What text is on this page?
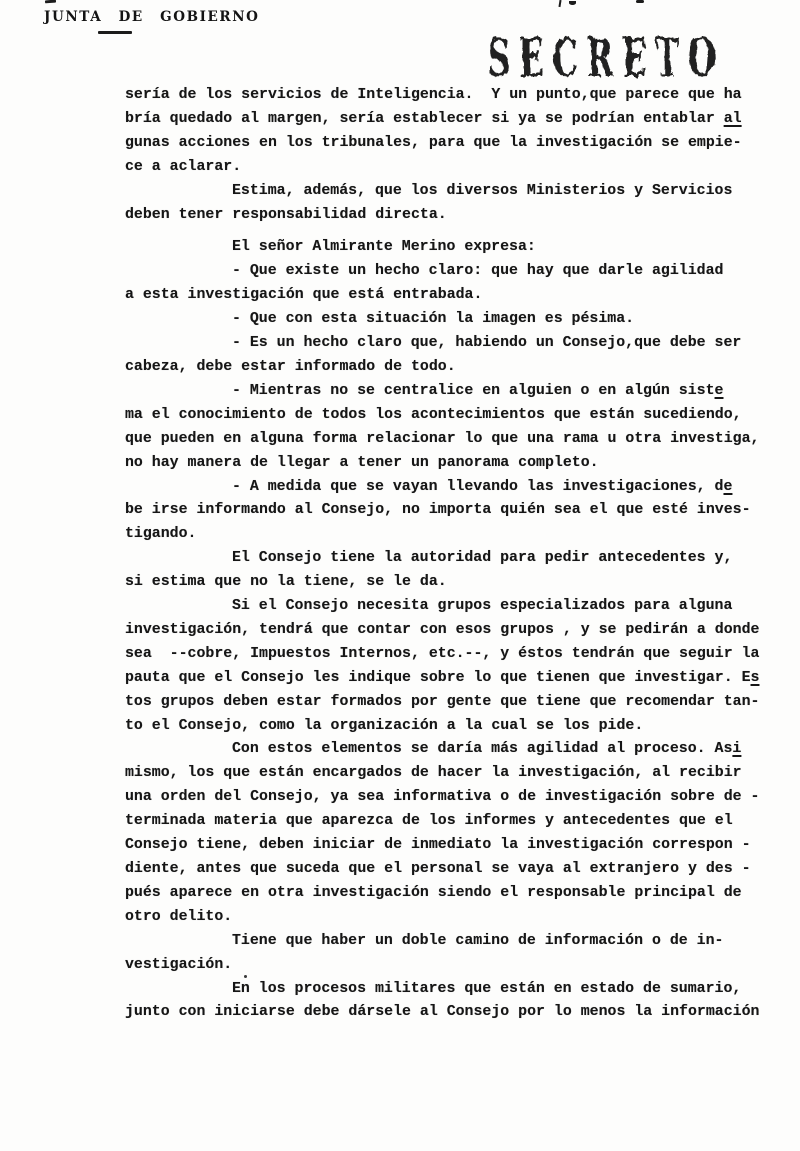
JUNTA DE GOBIERNO
SECRETO
sería de los servicios de Inteligencia.  Y un punto,que parece que ha
bría quedado al margen, sería establecer si ya se podrían entablar al
gunas acciones en los tribunales, para que la investigación se empie-
ce a aclarar.
Estima, además, que los diversos Ministerios y Servicios
deben tener responsabilidad directa.
El señor Almirante Merino expresa:
- Que existe un hecho claro: que hay que darle agilidad
a esta investigación que está entrabada.
- Que con esta situación la imagen es pésima.
- Es un hecho claro que, habiendo un Consejo,que debe ser
cabeza, debe estar informado de todo.
- Mientras no se centralice en alguien o en algún siste
ma el conocimiento de todos los acontecimientos que están sucediendo,
que pueden en alguna forma relacionar lo que una rama u otra investiga,
no hay manera de llegar a tener un panorama completo.
- A medida que se vayan llevando las investigaciones, de
be irse informando al Consejo, no importa quién sea el que esté inves-
tigando.
El Consejo tiene la autoridad para pedir antecedentes y,
si estima que no la tiene, se le da.
Si el Consejo necesita grupos especializados para alguna
investigación, tendrá que contar con esos grupos , y se pedirán a donde
sea  --cobre, Impuestos Internos, etc.--, y éstos tendrán que seguir la
pauta que el Consejo les indique sobre lo que tienen que investigar. Es
tos grupos deben estar formados por gente que tiene que recomendar tan-
to el Consejo, como la organización a la cual se los pide.
Con estos elementos se daría más agilidad al proceso. Asi
mismo, los que están encargados de hacer la investigación, al recibir
una orden del Consejo, ya sea informativa o de investigación sobre de -
terminada materia que aparezca de los informes y antecedentes que el
Consejo tiene, deben iniciar de inmediato la investigación correspon -
diente, antes que suceda que el personal se vaya al extranjero y des -
pués aparece en otra investigación siendo el responsable principal de
otro delito.
Tiene que haber un doble camino de información o de in-
vestigación.
En los procesos militares que están en estado de sumario,
junto con iniciarse debe dársele al Consejo por lo menos la información
